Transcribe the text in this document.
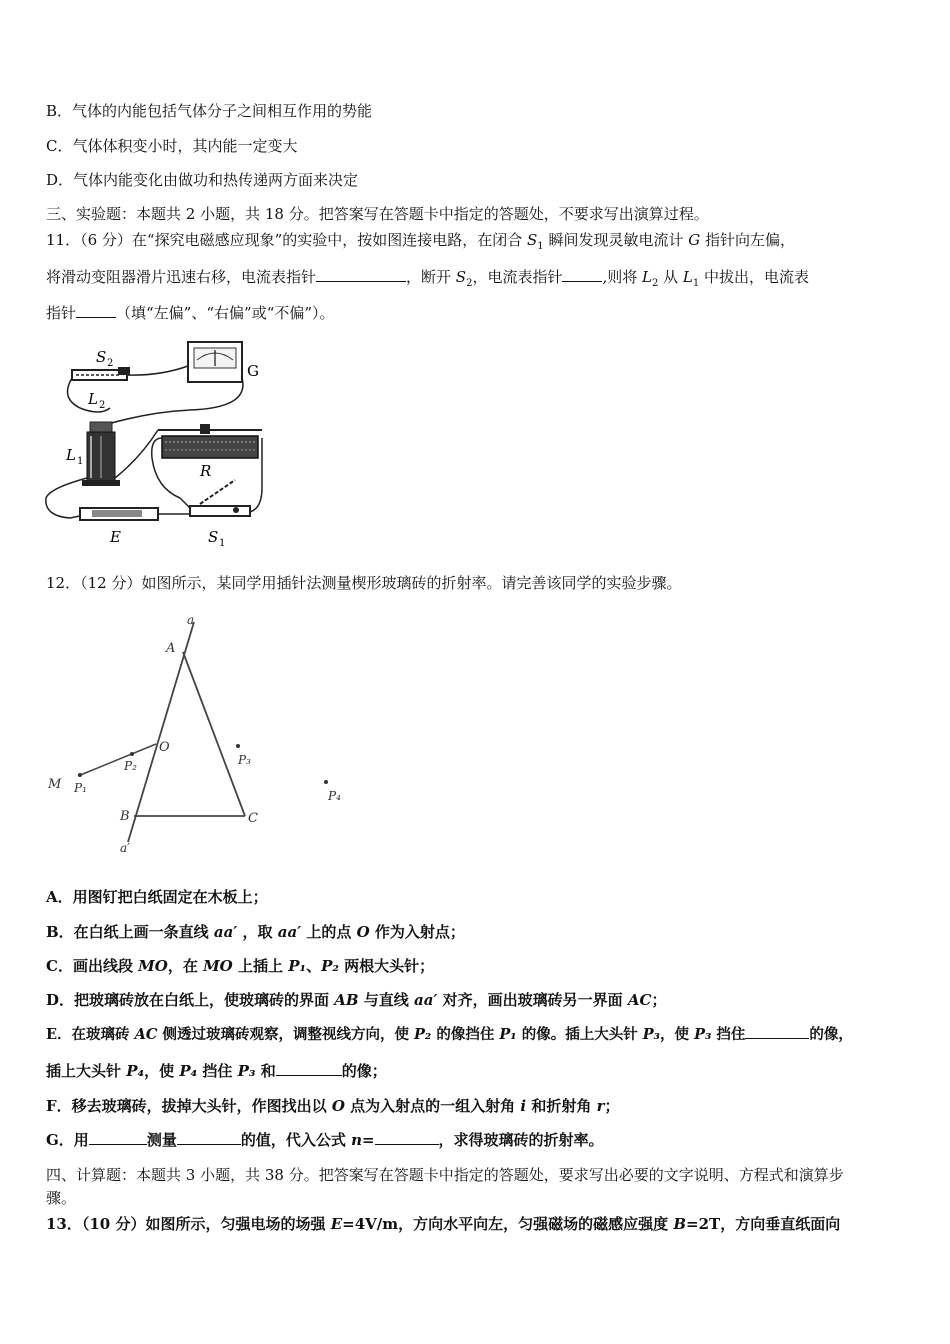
B．气体的内能包括气体分子之间相互作用的势能
C．气体体积变小时，其内能一定变大
D．气体内能变化由做功和热传递两方面来决定
三、实验题：本题共 2 小题，共 18 分。把答案写在答题卡中指定的答题处，不要求写出演算过程。
11．（6 分）在“探究电磁感应现象”的实验中，按如图连接电路，在闭合 $S_1$ 瞬间发现灵敏电流计 G 指针向左偏，
将滑动变阻器滑片迅速右移，电流表指针	，断开 $S_2$，电流表指针	,则将 $L_2$ 从 $L_1$ 中拔出，电流表
指针	（填“左偏”、“右偏”或“不偏”）。
S 2	G
L 2
L 1
R
S 1
E
12．（12 分）如图所示，某同学用插针法测量楔形玻璃砖的折射率。请完善该同学的实验步骤。
a
A
O
P₂	P₃
M P₁
P₄
B	C
a′
A．用图钉把白纸固定在木板上；
B．在白纸上画一条直线 aa′ ，取 aa′ 上的点 O 作为入射点；
C．画出线段 MO，在 MO 上插上 P₁、P₂ 两根大头针；
D．把玻璃砖放在白纸上，使玻璃砖的界面 AB 与直线 aa′ 对齐，画出玻璃砖另一界面 AC；
E．在玻璃砖 AC 侧透过玻璃砖观察，调整视线方向，使 P₂ 的像挡住 P₁ 的像。插上大头针 P₃，使 P₃ 挡住	的像，
插上大头针 P₄，使 P₄ 挡住 P₃ 和	的像；
F．移去玻璃砖，拔掉大头针，作图找出以 O 点为入射点的一组入射角 i 和折射角 r；
G．用	测量	的值，代入公式 n=	，求得玻璃砖的折射率。
四、计算题：本题共 3 小题，共 38 分。把答案写在答题卡中指定的答题处，要求写出必要的文字说明、方程式和演算步
骤。
13．（10 分）如图所示，匀强电场的场强 E=4V/m，方向水平向左，匀强磁场的磁感应强度 B=2T，方向垂直纸面向
